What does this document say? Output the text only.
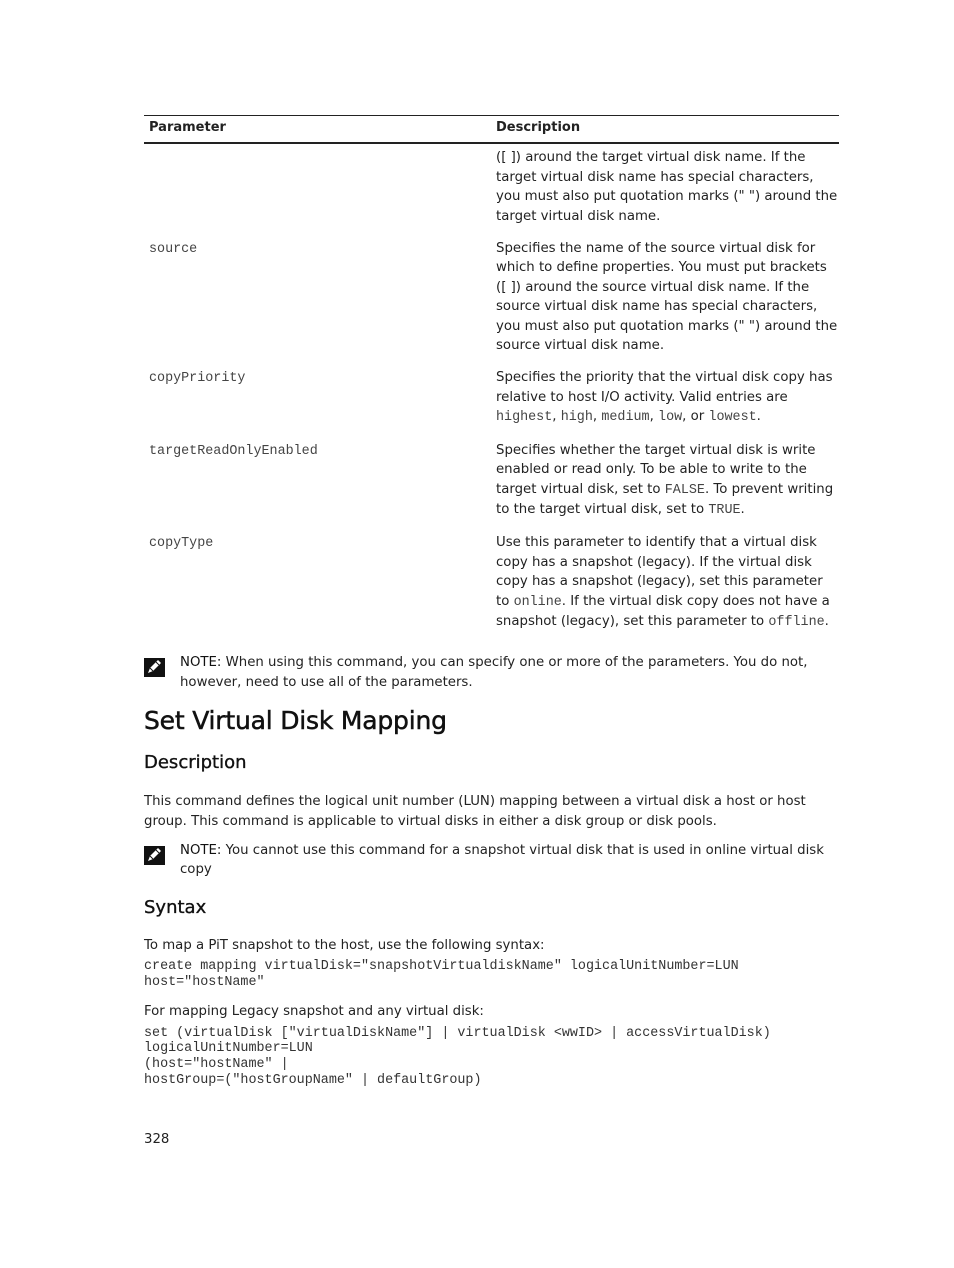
Parameter	Description
	([ ]) around the target virtual disk name. If the target virtual disk name has special characters, you must also put quotation marks (" ") around the target virtual disk name.
source	Specifies the name of the source virtual disk for which to define properties. You must put brackets ([ ]) around the source virtual disk name. If the source virtual disk name has special characters, you must also put quotation marks (" ") around the source virtual disk name.
copyPriority	Specifies the priority that the virtual disk copy has relative to host I/O activity. Valid entries are highest, high, medium, low, or lowest.
targetReadOnlyEnabled	Specifies whether the target virtual disk is write enabled or read only. To be able to write to the target virtual disk, set to FALSE. To prevent writing to the target virtual disk, set to TRUE.
copyType	Use this parameter to identify that a virtual disk copy has a snapshot (legacy). If the virtual disk copy has a snapshot (legacy), set this parameter to online. If the virtual disk copy does not have a snapshot (legacy), set this parameter to offline.
NOTE: When using this command, you can specify one or more of the parameters. You do not, however, need to use all of the parameters.
Set Virtual Disk Mapping
Description

This command defines the logical unit number (LUN) mapping between a virtual disk a host or host group. This command is applicable to virtual disks in either a disk group or disk pools.

NOTE: You cannot use this command for a snapshot virtual disk that is used in online virtual disk copy
Syntax

To map a PiT snapshot to the host, use the following syntax:

create mapping virtualDisk="snapshotVirtualdiskName" logicalUnitNumber=LUN
host="hostName"

For mapping Legacy snapshot and any virtual disk:

set (virtualDisk ["virtualDiskName"] | virtualDisk <wwID> | accessVirtualDisk)
logicalUnitNumber=LUN
(host="hostName" |
hostGroup=("hostGroupName" | defaultGroup)
328
